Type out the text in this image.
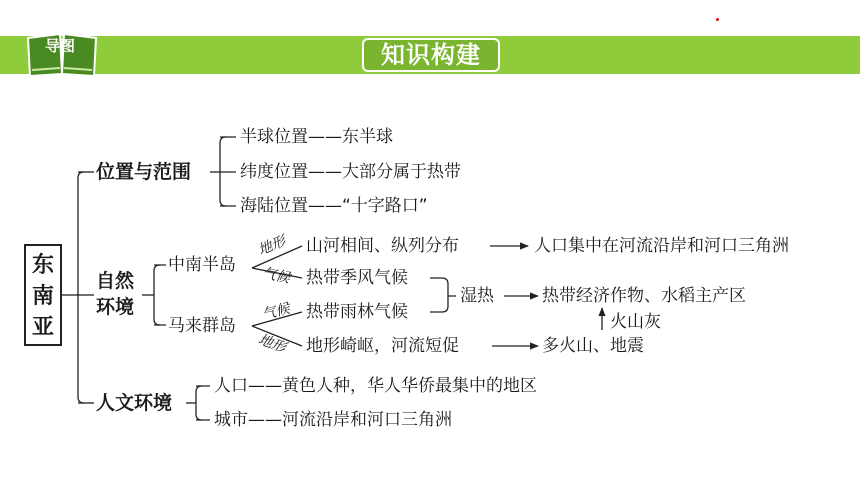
导图	知识构建
东南亚
位置与范围
半球位置——东半球
纬度位置——大部分属于热带
海陆位置——“十字路口”
自然
环境
中南半岛
地形
气候
山河相间、纵列分布	人口集中在河流沿岸和河口三角洲
热带季风气候
马来群岛
气候
地形
热带雨林气候
地形崎岖，河流短促	多火山、地震
湿热	热带经济作物、水稻主产区
火山灰
人文环境
人口——黄色人种，华人华侨最集中的地区
城市——河流沿岸和河口三角洲
